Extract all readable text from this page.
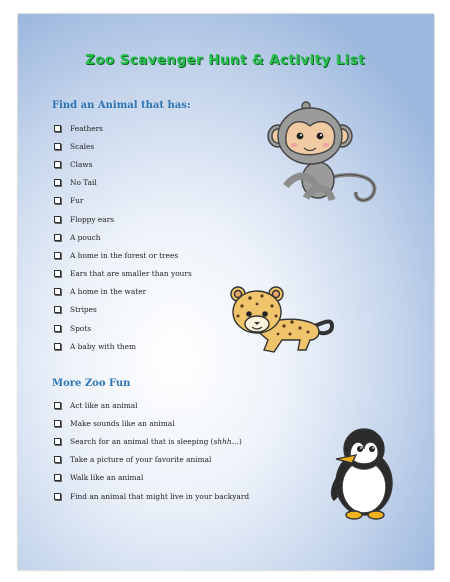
Zoo Scavenger Hunt & Activity List
Find an Animal that has:
Feathers
Scales
Claws
No Tail
Fur
Floppy ears
A pouch
A home in the forest or trees
Ears that are smaller than yours
A home in the water
Stripes
Spots
A baby with them
More Zoo Fun
Act like an animal
Make sounds like an animal
Search for an animal that is sleeping ( shhh… )
Take a picture of your favorite animal
Walk like an animal
Find an animal that might live in your backyard
